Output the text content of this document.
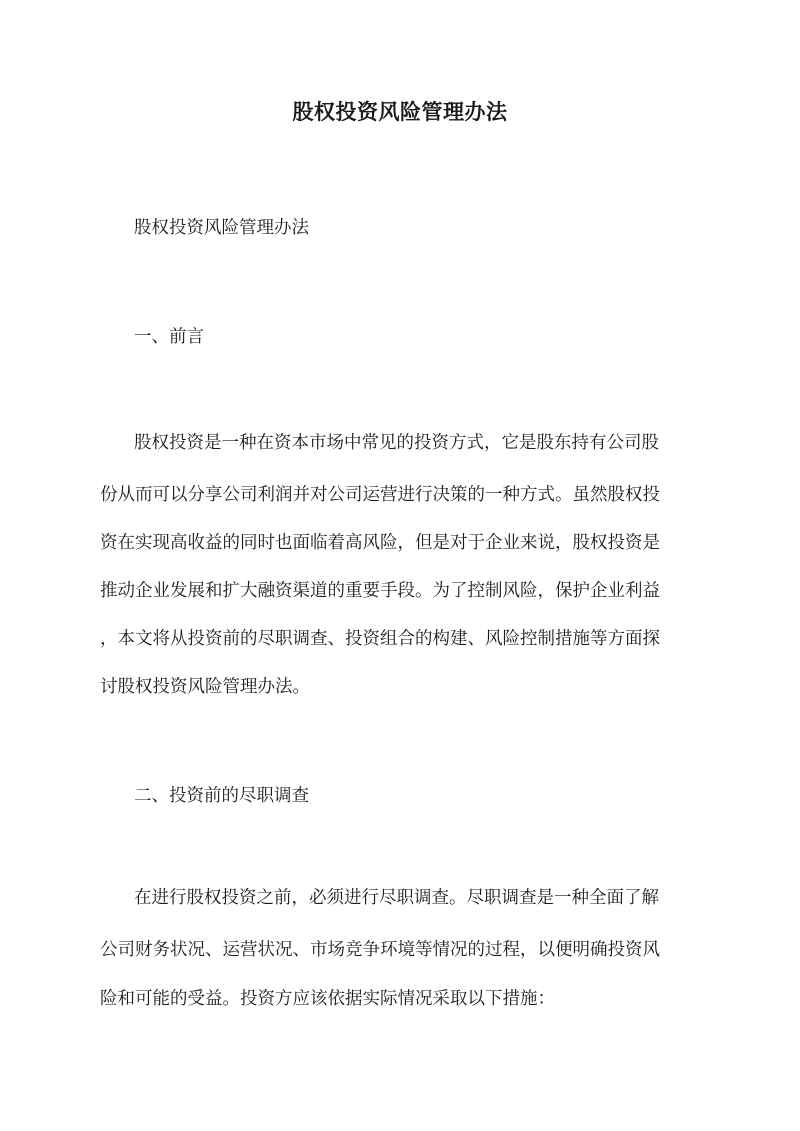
股权投资风险管理办法

股权投资风险管理办法

一、前言

股权投资是一种在资本市场中常见的投资方式，它是股东持有公司股

份从而可以分享公司利润并对公司运营进行决策的一种方式。虽然股权投

资在实现高收益的同时也面临着高风险，但是对于企业来说，股权投资是

推动企业发展和扩大融资渠道的重要手段。为了控制风险，保护企业利益

，本文将从投资前的尽职调查、投资组合的构建、风险控制措施等方面探

讨股权投资风险管理办法。

二、投资前的尽职调查

在进行股权投资之前，必须进行尽职调查。尽职调查是一种全面了解

公司财务状况、运营状况、市场竞争环境等情况的过程，以便明确投资风

险和可能的受益。投资方应该依据实际情况采取以下措施：
